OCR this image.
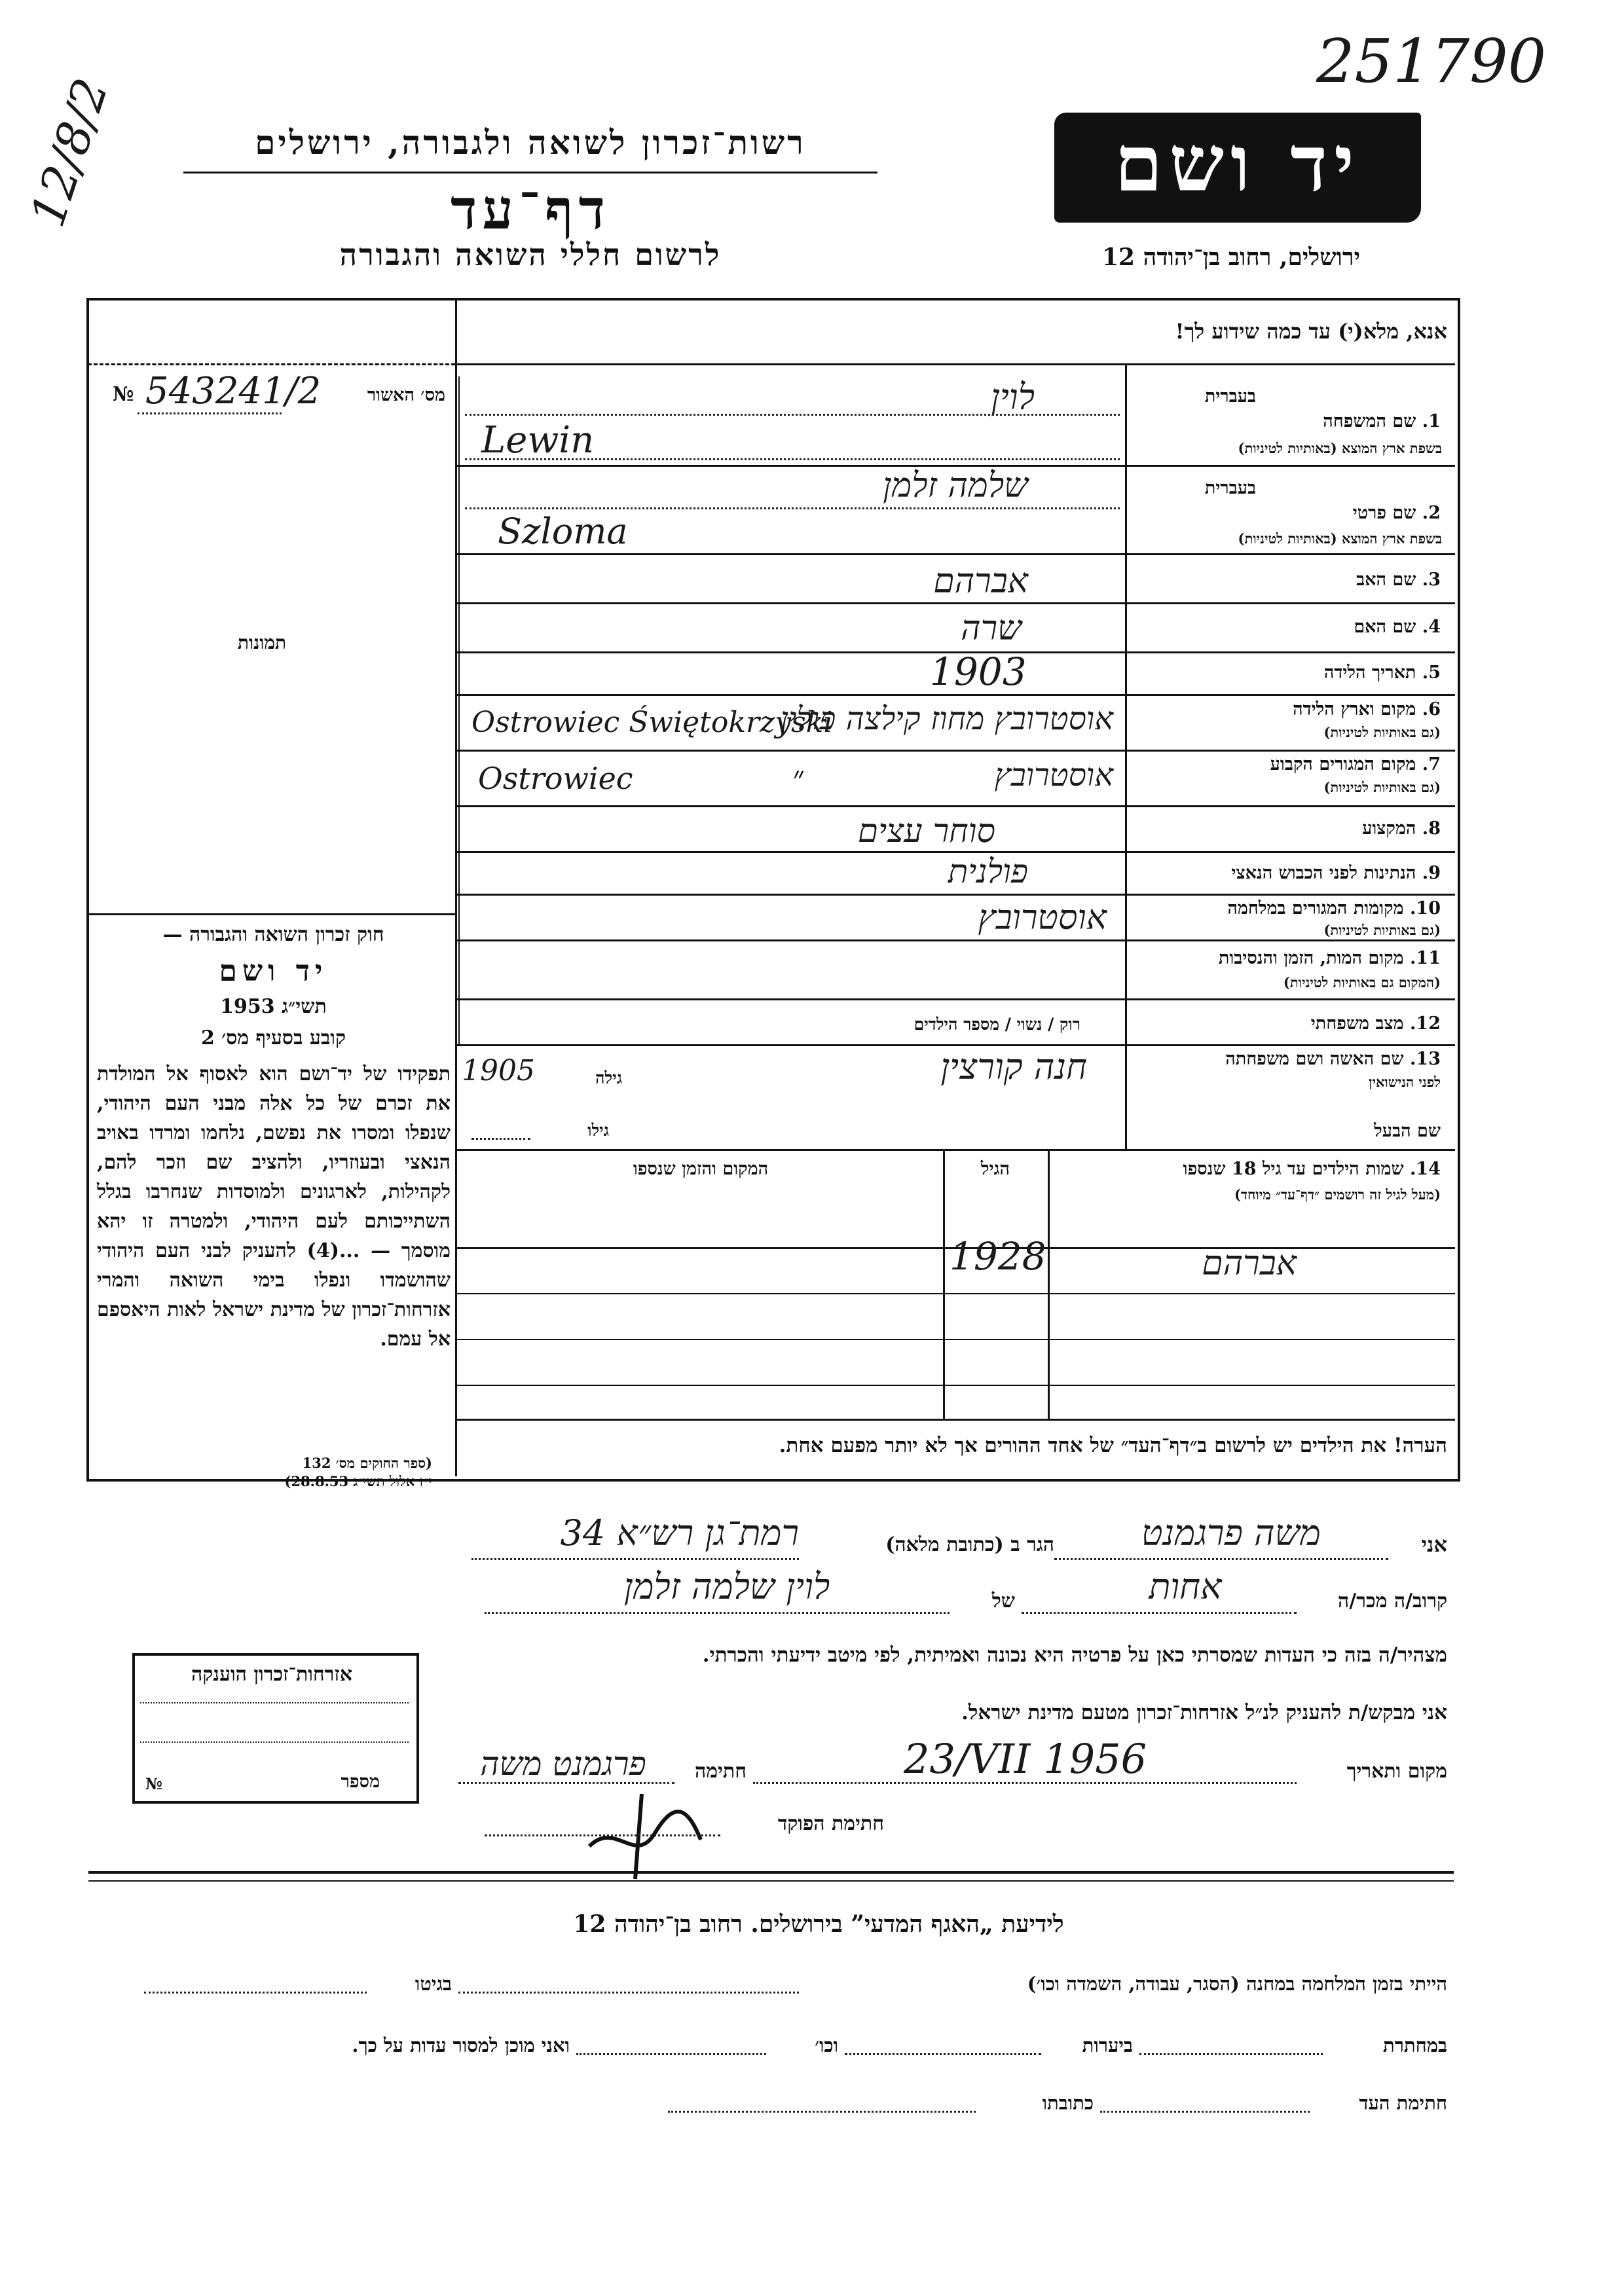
251790
12/8/2	רשות־זכרון לשואה ולגבורה, ירושלים
דף־עד
לרשום חללי השואה והגבורה
יד ושם
ירושלים, רחוב בן־יהודה 12
אנא, מלא(י) עד כמה שידוע לך!
מס׳ האשור
№ 543241/2
תמונות
חוק זכרון השואה והגבורה —
יד ושם
תשי״ג 1953
קובע בסעיף מס׳ 2
תפקידו של יד־ושם הוא לאסוף אל המולדת את זכרם של כל אלה מבני העם היהודי, שנפלו ומסרו את נפשם, נלחמו ומרדו באויב הנאצי ובעוזריו, ולהציב שם וזכר להם, לקהילות, לארגונים ולמוסדות שנחרבו בגלל השתייכותם לעם היהודי, ולמטרה זו יהא מוסמך — ...(4) להעניק לבני העם היהודי שהושמדו ונפלו בימי השואה והמרי אזרחות־זכרון של מדינת ישראל לאות היאספם אל עמם.
(ספר החוקים מס׳ 132
י״ז אלול תשי״ג 28.8.53)
בעברית
1. שם המשפחה
בשפת ארץ המוצא (באותיות לטיניות)
לוין
Lewin
בעברית
2. שם פרטי
בשפת ארץ המוצא (באותיות לטיניות)
שלמה זלמן
Szloma
3. שם האב
אברהם
4. שם האם
שרה
5. תאריך הלידה
1903
6. מקום וארץ הלידה
(גם באותיות לטיניות)
אוסטרובץ מחוז קילצה פולין
Ostrowiec Świętokrzyski
7. מקום המגורים הקבוע
(גם באותיות לטיניות)
אוסטרובץ
״
Ostrowiec
8. המקצוע
סוחר עצים
9. הנתינות לפני הכבוש הנאצי
פולנית
10. מקומות המגורים במלחמה
(גם באותיות לטיניות)
אוסטרובץ
11. מקום המות, הזמן והנסיבות
(המקום גם באותיות לטיניות)
12. מצב משפחתי
רוק / נשוי / מספר הילדים
13. שם האשה ושם משפחתה
לפני הנישואין
חנה קורצין
גילה
1905
שם הבעל
גילו
14. שמות הילדים עד גיל 18 שנספו
(מעל לגיל זה רושמים ״דף־עד״ מיוחד)
הגיל
המקום והזמן שנספו
אברהם
1928
הערה! את הילדים יש לרשום ב״דף־העד״ של אחד ההורים אך לא יותר מפעם אחת.
אזרחות־זכרון הוענקה
№	מספר
אני
משה פרגמנט
הגר ב (כתובת מלאה)
רמת־גן רש״א 34
קרוב/ה מכר/ה
אחות
של
לוין שלמה זלמן
מצהיר/ה בזה כי העדות שמסרתי כאן על פרטיה היא נכונה ואמיתית, לפי מיטב ידיעתי והכרתי.
אני מבקש/ת להעניק לנ״ל אזרחות־זכרון מטעם מדינת ישראל.
מקום ותאריך
23/VII 1956
חתימה
פרגמנט משה
חתימת הפוקד
לידיעת „האגף המדעי” בירושלים. רחוב בן־יהודה 12
הייתי בזמן המלחמה במחנה (הסגר, עבודה, השמדה וכו׳)
בגיטו
במחתרת
ביערות
וכו׳
ואני מוכן למסור עדות על כך.
חתימת העד
כתובתו
